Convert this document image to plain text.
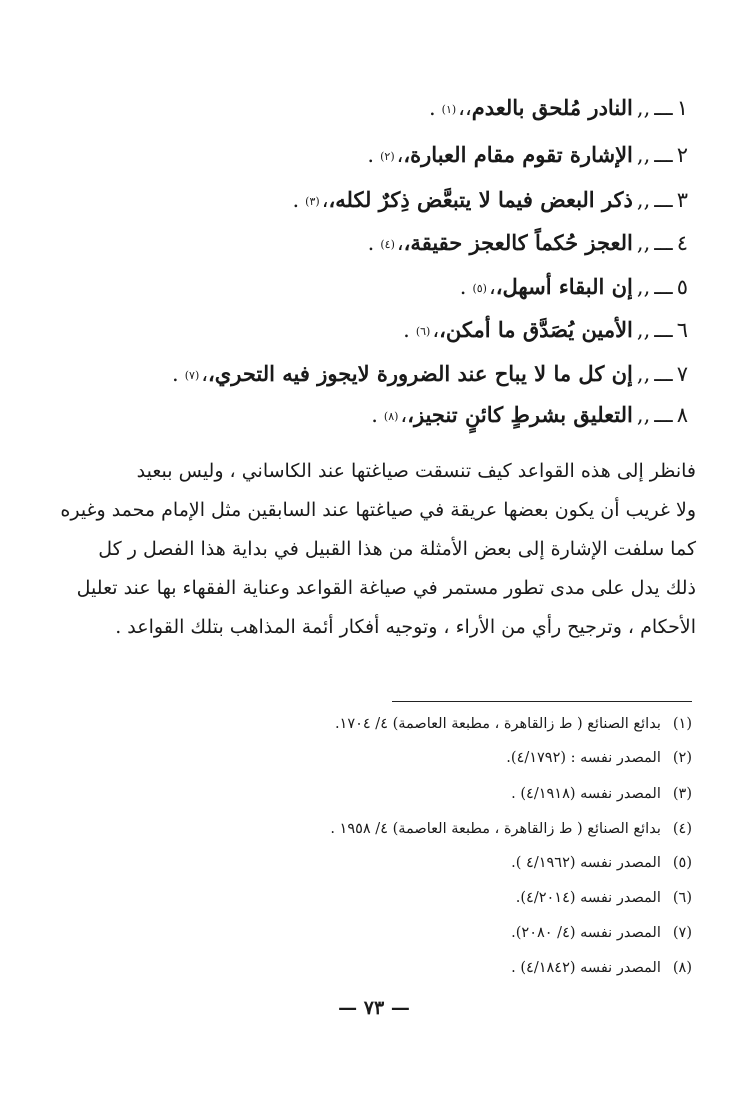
١ـــ,,النادر مُلحق بالعدم،،(١).
٢ـــ,,الإشارة تقوم مقام العبارة،،(٢).
٣ـــ,,ذكر البعض فيما لا يتبعَّض ذِكرٌ لكله،،(٣).
٤ـــ,,العجز حُكماً كالعجز حقيقة،،(٤).
٥ـــ,,إن البقاء أسهل،،(٥).
٦ـــ,,الأمين يُصَدَّق ما أمكن،،(٦).
٧ـــ,,إن كل ما لا يباح عند الضرورة لايجوز فيه التحري،،(٧).
٨ـــ,,التعليق بشرطٍ كائنٍ تنجيز،،(٨).
فانظر إلى هذه القواعد كيف تنسقت صياغتها عند الكاساني ، وليس ببعيد
ولا غريب أن يكون بعضها عريقة في صياغتها عند السابقين مثل الإمام محمد وغيره
كما سلفت الإشارة إلى بعض الأمثلة من هذا القبيل في بداية هذا الفصل ر كل
ذلك يدل على مدى تطور مستمر في صياغة القواعد وعناية الفقهاء بها عند تعليل
الأحكام ، وترجيح رأي من الأراء ، وتوجيه أفكار أئمة المذاهب بتلك القواعد .
(١)بدائع الصنائع ( ط زالقاهرة ، مطبعة العاصمة) ٤/ ١٧٠٤.
(٢)المصدر نفسه : (٤/١٧٩٢).
(٣)المصدر نفسه (٤/١٩١٨) .
(٤)بدائع الصنائع ( ط زالقاهرة ، مطبعة العاصمة) ٤/ ١٩٥٨ .
(٥)المصدر نفسه (٤/١٩٦٢ ).
(٦)المصدر نفسه (٤/٢٠١٤).
(٧)المصدر نفسه (٤/ ٢٠٨٠).
(٨)المصدر نفسه (٤/١٨٤٢) .
— ٧٣ —
